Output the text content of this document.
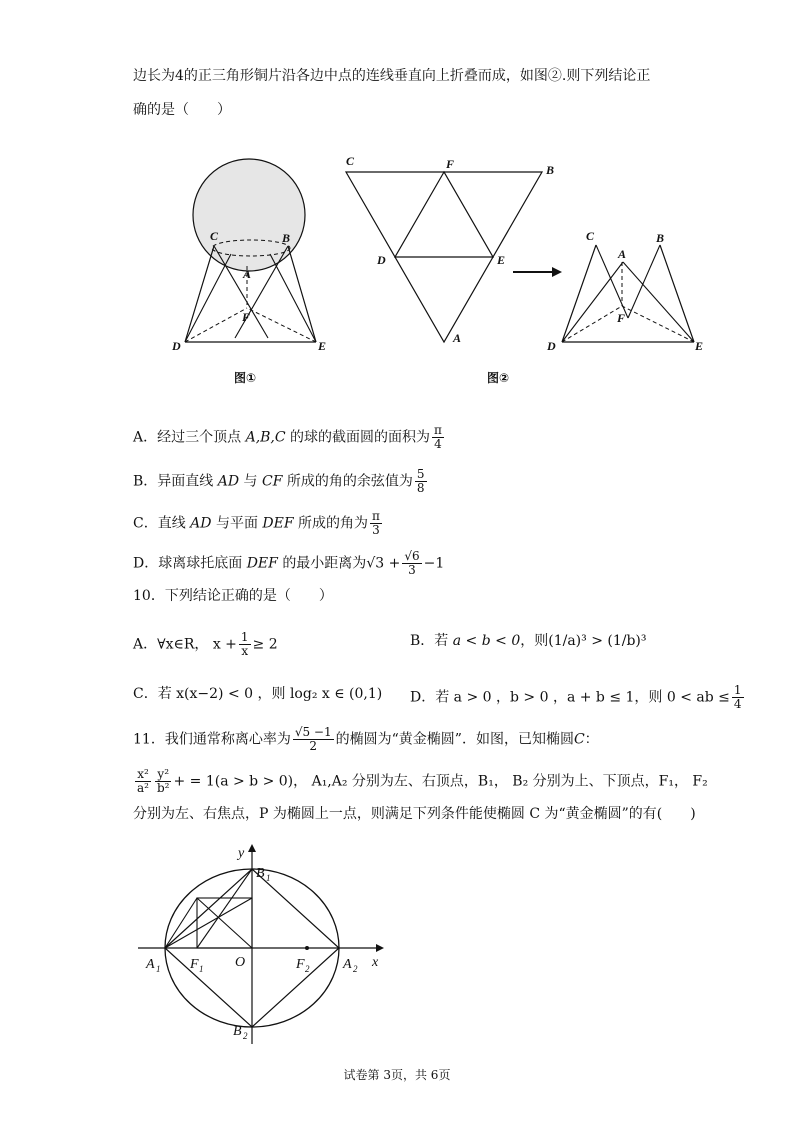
边长为4的正三角形铜片沿各边中点的连线垂直向上折叠而成，如图②.则下列结论正
确的是（　　）
C	B
A
F
D	E
图①
C	F	B
D	E
A
C
A
B
F
D	E
图②
A．经过三个顶点 A,B,C 的球的截面圆的面积为 $\frac{\pi}{4}$
B．异面直线 AD 与 CF 所成的角的余弦值为 $\frac{5}{8}$
C．直线 AD 与平面 DEF 所成的角为 $\frac{\pi}{3}$
D．球离球托底面 DEF 的最小距离为$√3 + \frac{√6}{3} -1$
10．下列结论正确的是（　　）
A．∀x∈R， $x + \frac{1}{x} \ge 2$	B．若 a < b < 0，则(1/a)³ > (1/b)³
C．若 x(x−2) < 0 ，则 log₂ x ∈ (0,1) D．若 a > 0 ，b > 0 ，a + b ≤ 1，则 0 < ab ≤ $\frac{1}{4}$
11．我们通常称离心率为 $\frac{√5 -1}{2}$ 的椭圆为“黄金椭圆”．如图，已知椭圆C：
$\frac{\text{x²}}{\text{a²}} \frac{\text{y²}}{\text{b²}}$ + = 1(a > b > 0)， A₁,A₂ 分别为左、右顶点，B₁， B₂ 分别为上、下顶点，F₁， F₂
分别为左、右焦点，P 为椭圆上一点，则满足下列条件能使椭圆 C 为“黄金椭圆”的有(　　)
y
x
O
A 1 F 1	F 2 A 2
B 1
B 2
试卷第 3页，共 6页
